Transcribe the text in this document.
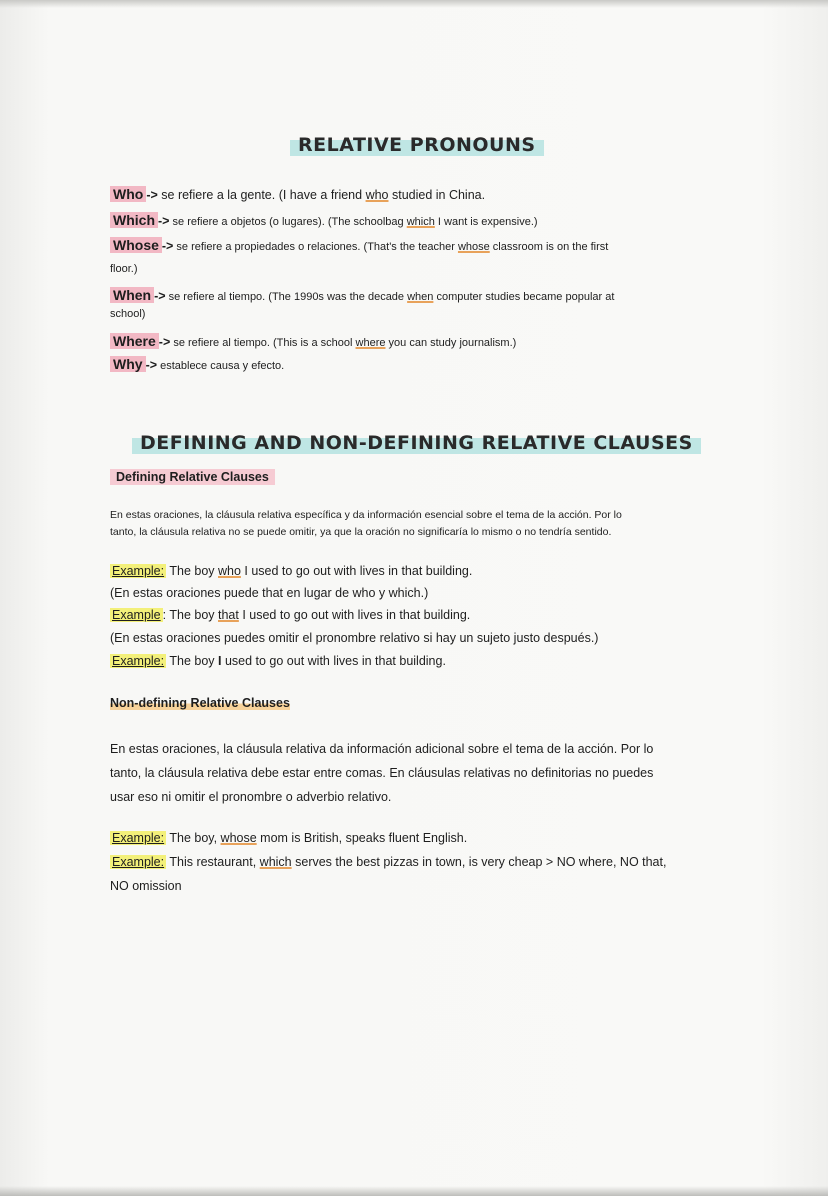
RELATIVE PRONOUNS
Who -> se refiere a la gente. (I have a friend who studied in China.
Which -> se refiere a objetos (o lugares). (The schoolbag which I want is expensive.)
Whose -> se refiere a propiedades o relaciones. (That's the teacher whose classroom is on the first
floor.)
When -> se refiere al tiempo. (The 1990s was the decade when computer studies became popular at
school)
Where -> se refiere al tiempo. (This is a school where you can study journalism.)
Why -> establece causa y efecto.
DEFINING AND NON-DEFINING RELATIVE CLAUSES
Defining Relative Clauses
En estas oraciones, la cláusula relativa específica y da información esencial sobre el tema de la acción. Por lo
tanto, la cláusula relativa no se puede omitir, ya que la oración no significaría lo mismo o no tendría sentido.
Example: The boy who I used to go out with lives in that building.
(En estas oraciones puede that en lugar de who y which.)
Example : The boy that I used to go out with lives in that building.
(En estas oraciones puedes omitir el pronombre relativo si hay un sujeto justo después.)
Example: The boy I used to go out with lives in that building.
Non-defining Relative Clauses
En estas oraciones, la cláusula relativa da información adicional sobre el tema de la acción. Por lo
tanto, la cláusula relativa debe estar entre comas. En cláusulas relativas no definitorias no puedes
usar eso ni omitir el pronombre o adverbio relativo.
Example: The boy, whose mom is British, speaks fluent English.
Example: This restaurant, which serves the best pizzas in town, is very cheap > NO where, NO that,
NO omission
